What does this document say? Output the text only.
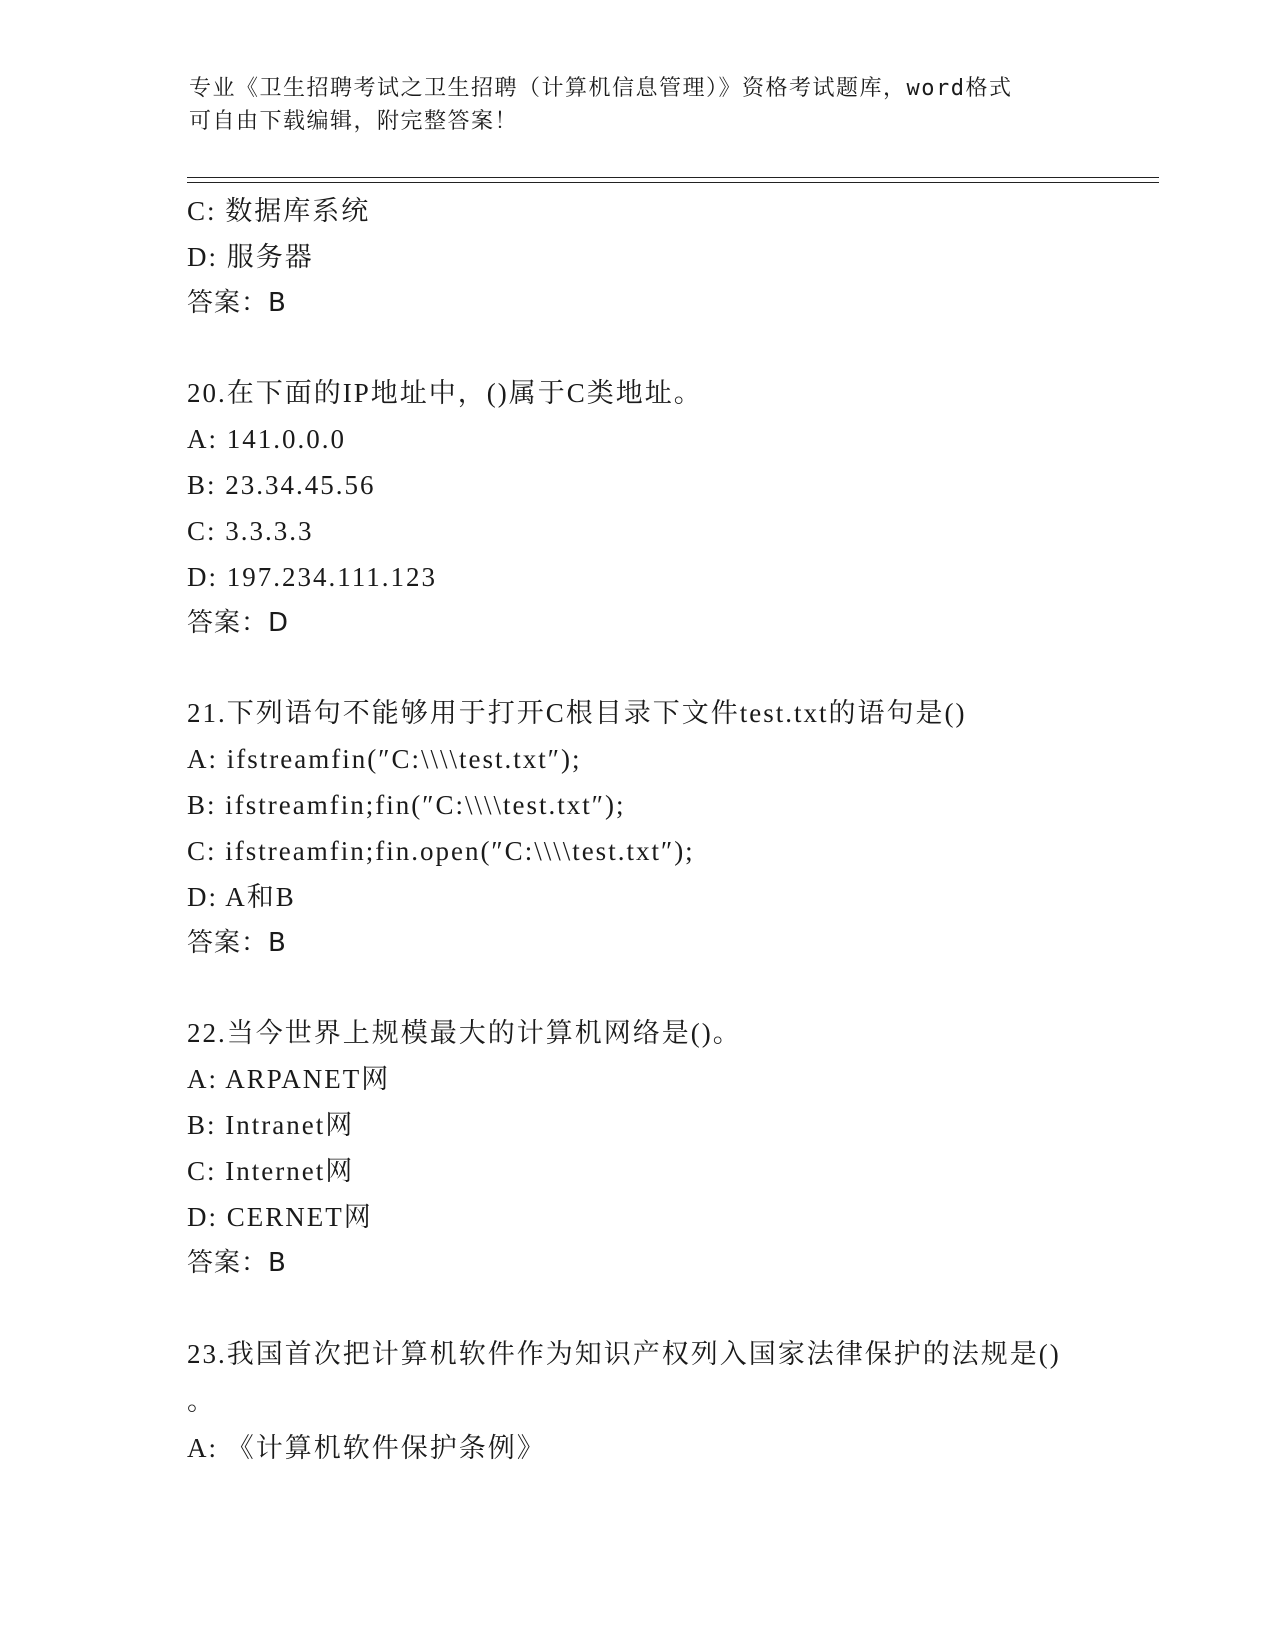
专业《卫生招聘考试之卫生招聘（计算机信息管理）》资格考试题库，word格式
可自由下载编辑，附完整答案！
C: 数据库系统
D: 服务器
答案：B
20.在下面的IP地址中，()属于C类地址。
A: 141.0.0.0
B: 23.34.45.56
C: 3.3.3.3
D: 197.234.111.123
答案：D
21.下列语句不能够用于打开C根目录下文件test.txt的语句是()
A: ifstreamfin(″C:\\\\test.txt″);
B: ifstreamfin;fin(″C:\\\\test.txt″);
C: ifstreamfin;fin.open(″C:\\\\test.txt″);
D: A和B
答案：B
22.当今世界上规模最大的计算机网络是()。
A: ARPANET网
B: Intranet网
C: Internet网
D: CERNET网
答案：B
23.我国首次把计算机软件作为知识产权列入国家法律保护的法规是()
。
A: 《计算机软件保护条例》
